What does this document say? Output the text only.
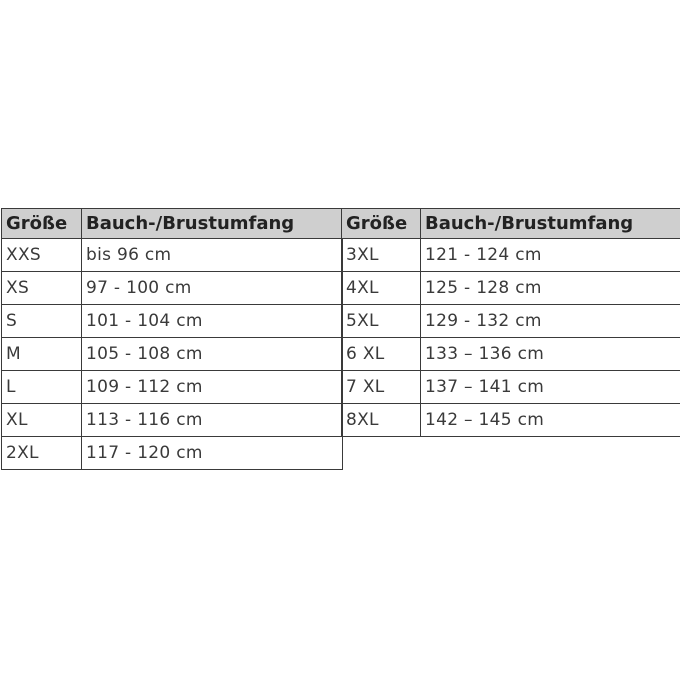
Größe	Bauch-/Brustumfang
XXS	bis 96 cm
XS	97 - 100 cm
S	101 - 104 cm
M	105 - 108 cm
L	109 - 112 cm
XL	113 - 116 cm
2XL	117 - 120 cm
Größe	Bauch-/Brustumfang
3XL	121 - 124 cm
4XL	125 - 128 cm
5XL	129 - 132 cm
6 XL	133 – 136 cm
7 XL	137 – 141 cm
8XL	142 – 145 cm
